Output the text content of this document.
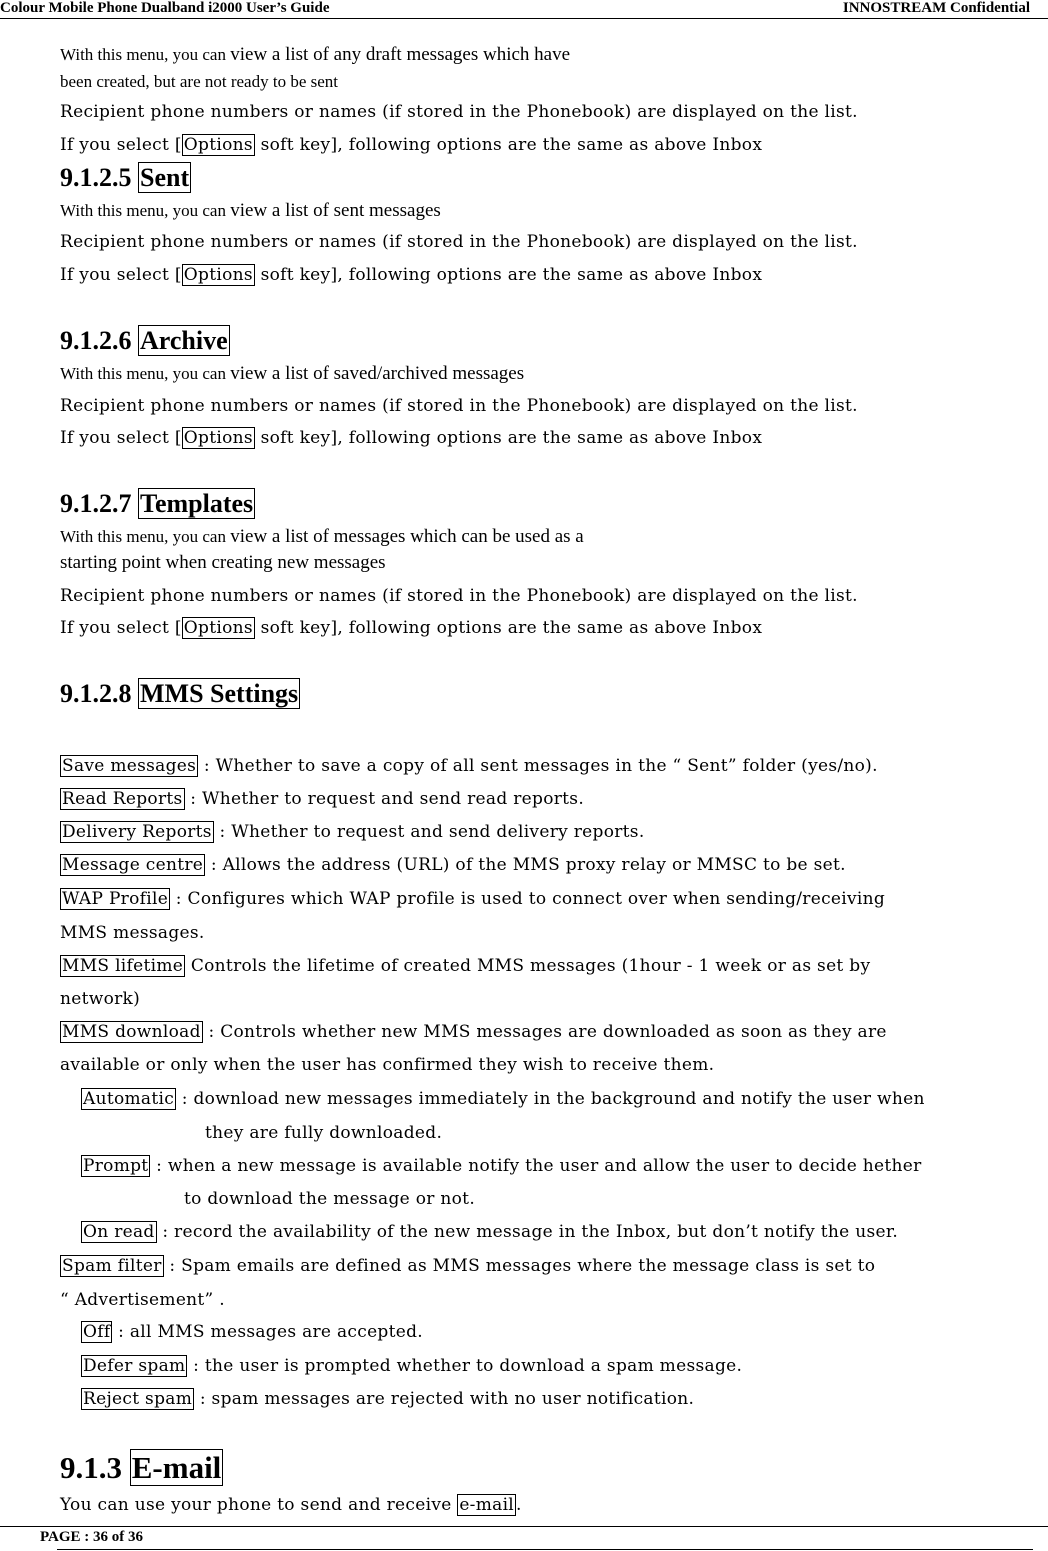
Colour Mobile Phone Dualband i2000 User’s Guide	INNOSTREAM Confidential
With this menu, you can view a list of any draft messages which have
been created, but are not ready to be sent
Recipient phone numbers or names (if stored in the Phonebook) are displayed on the list.
If you select [ Options soft key], following options are the same as above Inbox
9.1.2.5 Sent
With this menu, you can view a list of sent messages
Recipient phone numbers or names (if stored in the Phonebook) are displayed on the list.
If you select [ Options soft key], following options are the same as above Inbox
9.1.2.6 Archive
With this menu, you can view a list of saved/archived messages
Recipient phone numbers or names (if stored in the Phonebook) are displayed on the list.
If you select [ Options soft key], following options are the same as above Inbox
9.1.2.7 Templates
With this menu, you can view a list of messages which can be used as a
starting point when creating new messages
Recipient phone numbers or names (if stored in the Phonebook) are displayed on the list.
If you select [ Options soft key], following options are the same as above Inbox
9.1.2.8 MMS Settings
Save messages : Whether to save a copy of all sent messages in the “ Sent” folder (yes/no).
Read Reports : Whether to request and send read reports.
Delivery Reports : Whether to request and send delivery reports.
Message centre : Allows the address (URL) of the MMS proxy relay or MMSC to be set.
WAP Profile : Configures which WAP profile is used to connect over when sending/receiving
MMS messages.
MMS lifetime Controls the lifetime of created MMS messages (1hour - 1 week or as set by
network)
MMS download : Controls whether new MMS messages are downloaded as soon as they are
available or only when the user has confirmed they wish to receive them.
Automatic : download new messages immediately in the background and notify the user when
they are fully downloaded.
Prompt : when a new message is available notify the user and allow the user to decide hether
to download the message or not.
On read : record the availability of the new message in the Inbox, but don’t notify the user.
Spam filter : Spam emails are defined as MMS messages where the message class is set to
“ Advertisement” .
Off : all MMS messages are accepted.
Defer spam : the user is prompted whether to download a spam message.
Reject spam : spam messages are rejected with no user notification.
9.1.3 E-mail
You can use your phone to send and receive e-mail .
PAGE : 36 of 36
